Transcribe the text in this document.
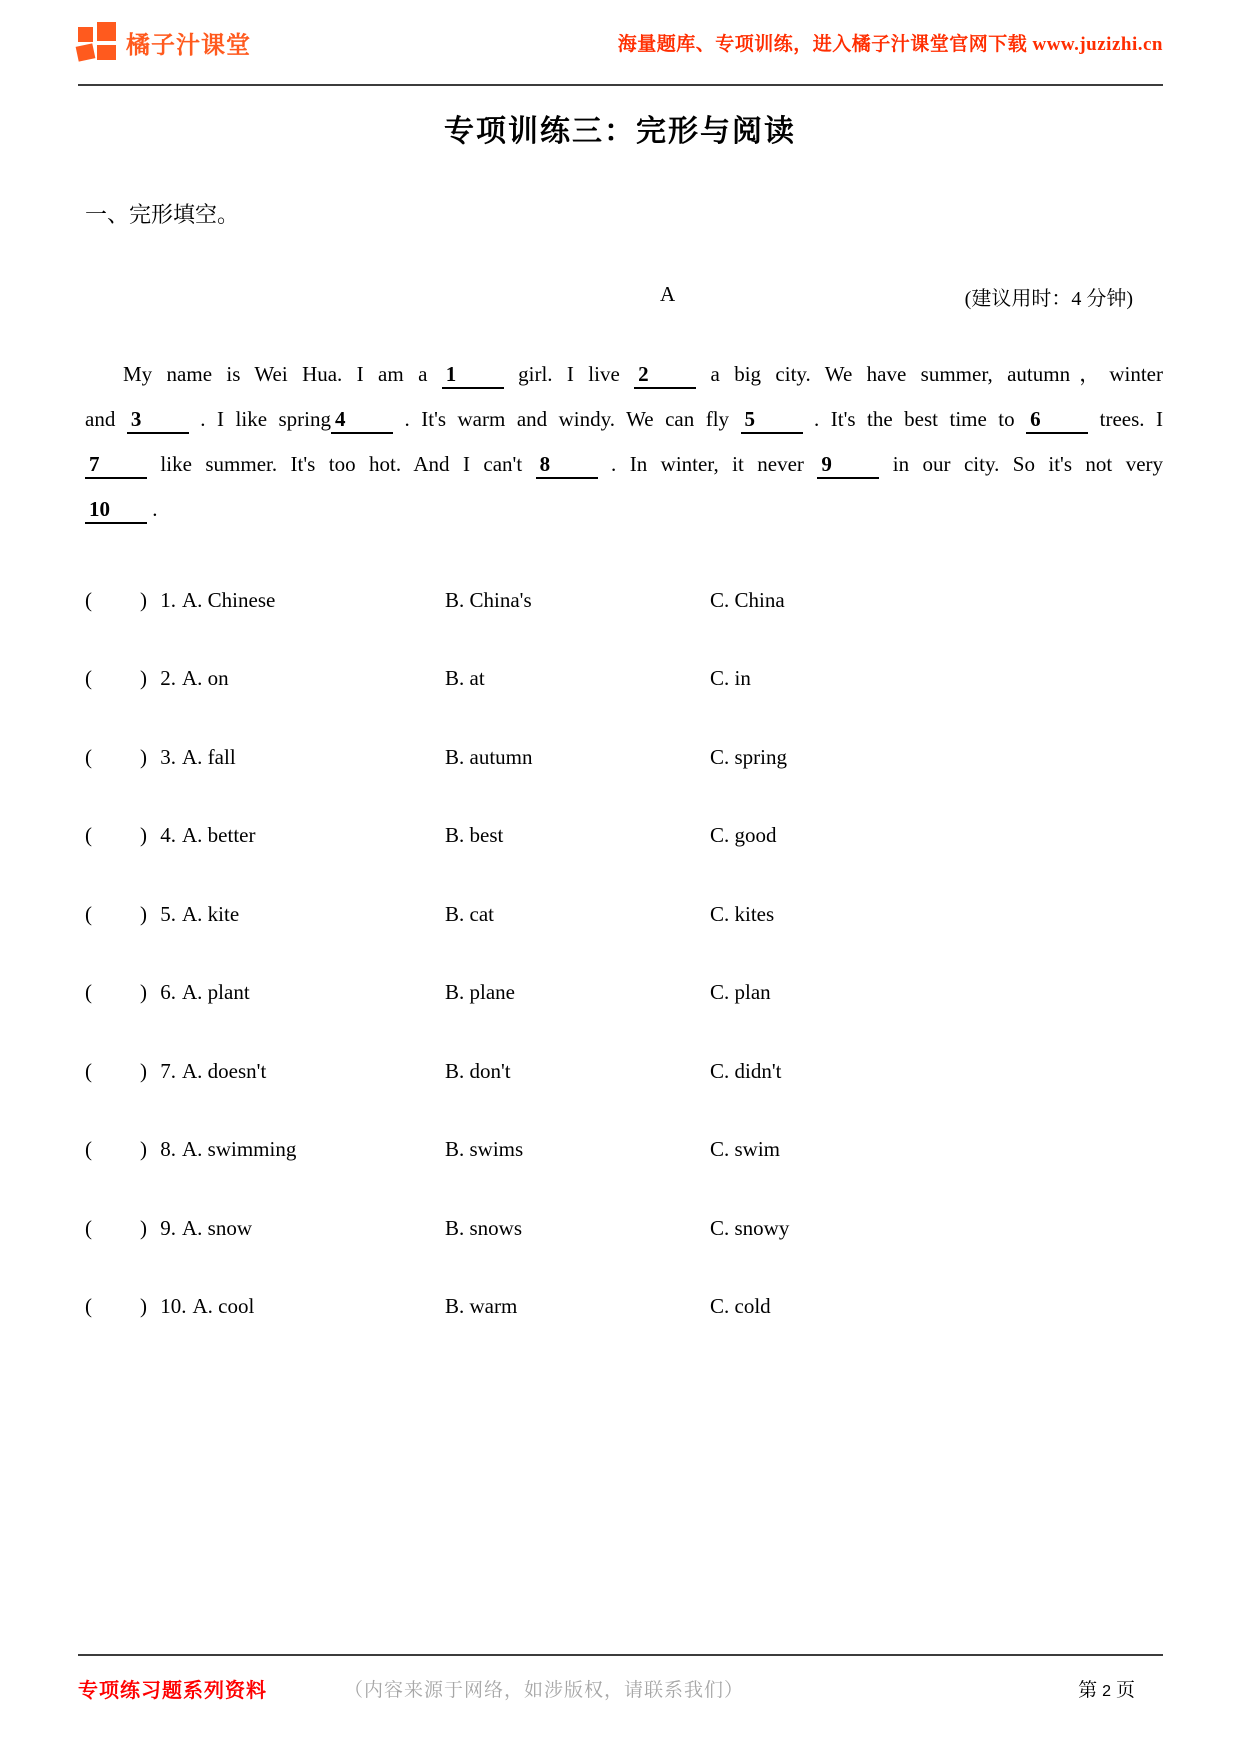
橘子汁课堂	海量题库、专项训练，进入橘子汁课堂官网下载 www.juzizhi.cn
专项训练三：完形与阅读
一、完形填空。
A	(建议用时：4 分钟)
My name is Wei Hua. I am a 1 girl. I live 2 a big city. We have summer, autumn，winter
and 3 . I like spring 4 . It's warm and windy. We can fly 5 . It's the best time to 6 trees. I
7 like summer. It's too hot. And I can't 8 . In winter, it never 9 in our city. So it's not very
10 .
( ) 1. A. Chinese	B. China's	C. China
( ) 2. A. on	B. at	C. in
( ) 3. A. fall	B. autumn	C. spring
( ) 4. A. better	B. best	C. good
( ) 5. A. kite	B. cat	C. kites
( ) 6. A. plant	B. plane	C. plan
( ) 7. A. doesn't	B. don't	C. didn't
( ) 8. A. swimming	B. swims	C. swim
( ) 9. A. snow	B. snows	C. snowy
( ) 10. A. cool	B. warm	C. cold
专项练习题系列资料	（内容来源于网络，如涉版权，请联系我们）	第 2 页
